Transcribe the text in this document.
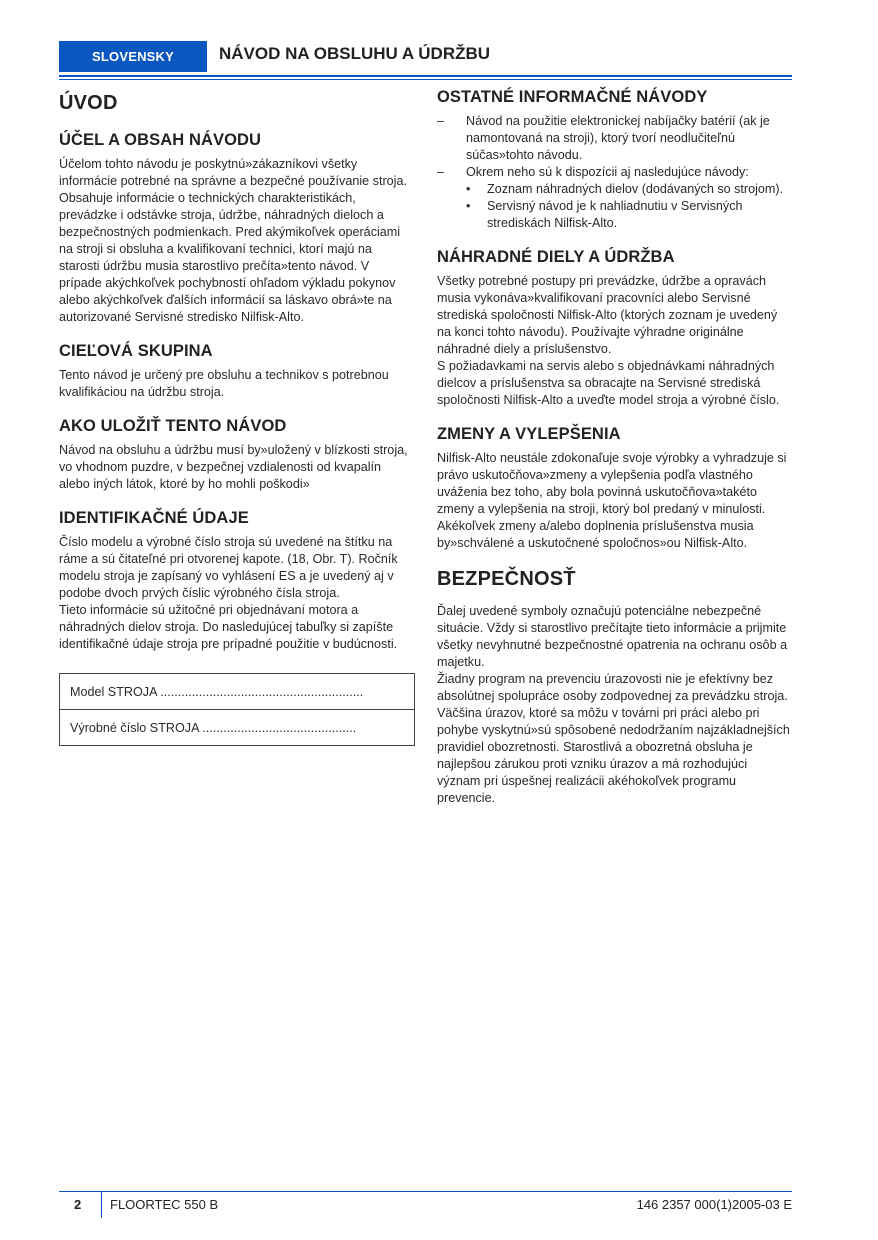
SLOVENSKY	NÁVOD NA OBSLUHU A ÚDRŽBU
ÚVOD
ÚČEL A OBSAH NÁVODU

Účelom tohto návodu je poskytnú»zákazníkovi všetky informácie potrebné na správne a bezpečné používanie stroja. Obsahuje informácie o technických charakteristikách, prevádzke i odstávke stroja, údržbe, náhradných dieloch a bezpečnostných podmienkach. Pred akýmikoľvek operáciami na stroji si obsluha a kvalifikovaní technici, ktorí majú na starosti údržbu musia starostlivo prečíta»tento návod. V prípade akýchkoľvek pochybností ohľadom výkladu pokynov alebo akýchkoľvek ďalších informácií sa láskavo obrá»te na autorizované Servisné stredisko Nilfisk-Alto.

CIEĽOVÁ SKUPINA

Tento návod je určený pre obsluhu a technikov s potrebnou kvalifikáciou na údržbu stroja.

AKO ULOŽIŤ TENTO NÁVOD

Návod na obsluhu a údržbu musí by»uložený v blízkosti stroja, vo vhodnom puzdre, v bezpečnej vzdialenosti od kvapalín alebo iných látok, ktoré by ho mohli poškodi»

IDENTIFIKAČNÉ ÚDAJE

Číslo modelu a výrobné číslo stroja sú uvedené na štítku na ráme a sú čitateľné pri otvorenej kapote. (18, Obr. T). Ročník modelu stroja je zapísaný vo vyhlásení ES a je uvedený aj v podobe dvoch prvých číslic výrobného čísla stroja.

Tieto informácie sú užitočné pri objednávaní motora a náhradných dielov stroja. Do nasledujúcej tabuľky si zapíšte identifikačné údaje stroja pre prípadné použitie v budúcnosti.

Model STROJA ..........................................................
Výrobné číslo STROJA ............................................
OSTATNÉ INFORMAČNÉ NÁVODY
– Návod na použitie elektronickej nabíjačky batérií (ak je namontovaná na stroji), ktorý tvorí neodlučiteľnú súčas»tohto návodu.
– Okrem neho sú k dispozícii aj nasledujúce návody:
• Zoznam náhradných dielov (dodávaných so strojom).
• Servisný návod je k nahliadnutiu v Servisných strediskách Nilfisk-Alto.
NÁHRADNÉ DIELY A ÚDRŽBA

Všetky potrebné postupy pri prevádzke, údržbe a opravách musia vykonáva»kvalifikovaní pracovníci alebo Servisné strediská spoločnosti Nilfisk-Alto (ktorých zoznam je uvedený na konci tohto návodu). Používajte výhradne originálne náhradné diely a príslušenstvo.

S požiadavkami na servis alebo s objednávkami náhradných dielcov a príslušenstva sa obracajte na Servisné strediská spoločnosti Nilfisk-Alto a uveďte model stroja a výrobné číslo.

ZMENY A VYLEPŠENIA

Nilfisk-Alto neustále zdokonaľuje svoje výrobky a vyhradzuje si právo uskutočňova»zmeny a vylepšenia podľa vlastného uváženia bez toho, aby bola povinná uskutočňova»takéto zmeny a vylepšenia na stroji, ktorý bol predaný v minulosti. Akékoľvek zmeny a/alebo doplnenia príslušenstva musia by»schválené a uskutočnené spoločnos»ou Nilfisk-Alto.

BEZPEČNOSŤ

Ďalej uvedené symboly označujú potenciálne nebezpečné situácie. Vždy si starostlivo prečítajte tieto informácie a prijmite všetky nevyhnutné bezpečnostné opatrenia na ochranu osôb a majetku.

Žiadny program na prevenciu úrazovosti nie je efektívny bez absolútnej spolupráce osoby zodpovednej za prevádzku stroja. Väčšina úrazov, ktoré sa môžu v továrni pri práci alebo pri pohybe vyskytnú»sú spôsobené nedodržaním najzákladnejších pravidiel obozretnosti. Starostlivá a obozretná obsluha je najlepšou zárukou proti vzniku úrazov a má rozhodujúci význam pri úspešnej realizácii akéhokoľvek programu prevencie.

2 FLOORTEC 550 B	146 2357 000(1)2005-03 E
